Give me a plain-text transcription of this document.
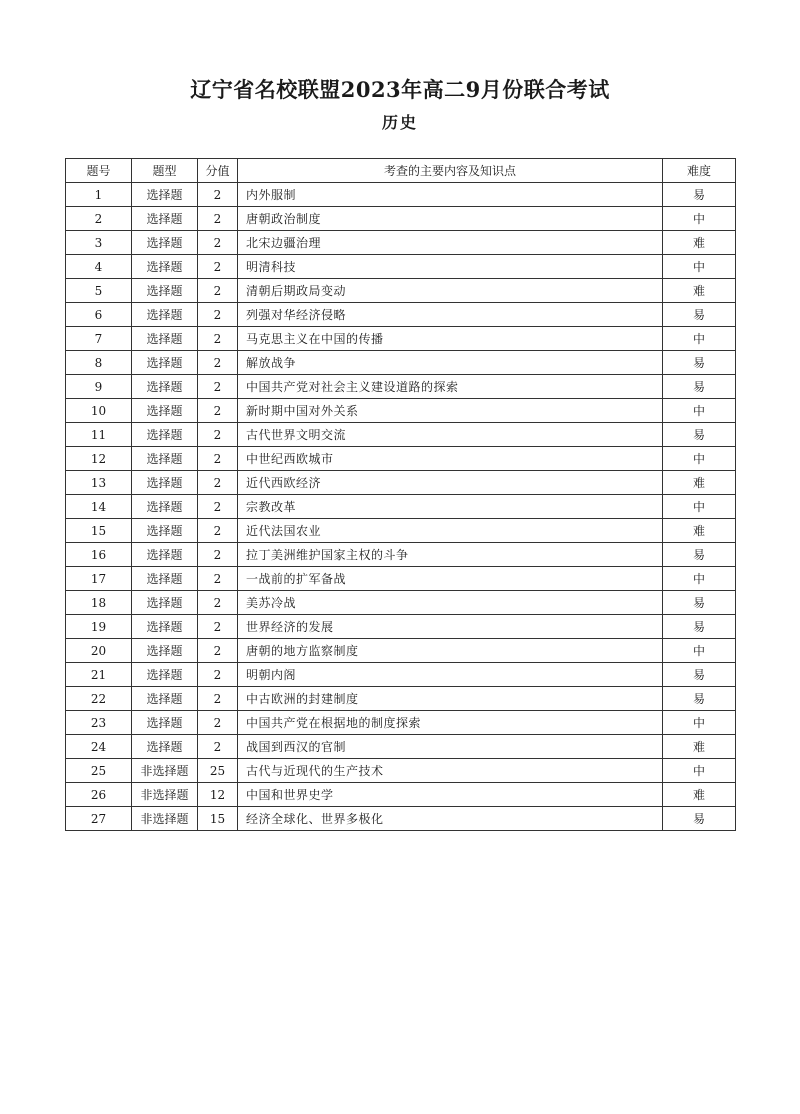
辽宁省名校联盟2023年高二9月份联合考试
历史
题号	题型	分值	考查的主要内容及知识点	难度
1	选择题	2	内外服制	易
2	选择题	2	唐朝政治制度	中
3	选择题	2	北宋边疆治理	难
4	选择题	2	明清科技	中
5	选择题	2	清朝后期政局变动	难
6	选择题	2	列强对华经济侵略	易
7	选择题	2	马克思主义在中国的传播	中
8	选择题	2	解放战争	易
9	选择题	2	中国共产党对社会主义建设道路的探索	易
10	选择题	2	新时期中国对外关系	中
11	选择题	2	古代世界文明交流	易
12	选择题	2	中世纪西欧城市	中
13	选择题	2	近代西欧经济	难
14	选择题	2	宗教改革	中
15	选择题	2	近代法国农业	难
16	选择题	2	拉丁美洲维护国家主权的斗争	易
17	选择题	2	一战前的扩军备战	中
18	选择题	2	美苏冷战	易
19	选择题	2	世界经济的发展	易
20	选择题	2	唐朝的地方监察制度	中
21	选择题	2	明朝内阁	易
22	选择题	2	中古欧洲的封建制度	易
23	选择题	2	中国共产党在根据地的制度探索	中
24	选择题	2	战国到西汉的官制	难
25	非选择题	25	古代与近现代的生产技术	中
26	非选择题	12	中国和世界史学	难
27	非选择题	15	经济全球化、世界多极化	易
